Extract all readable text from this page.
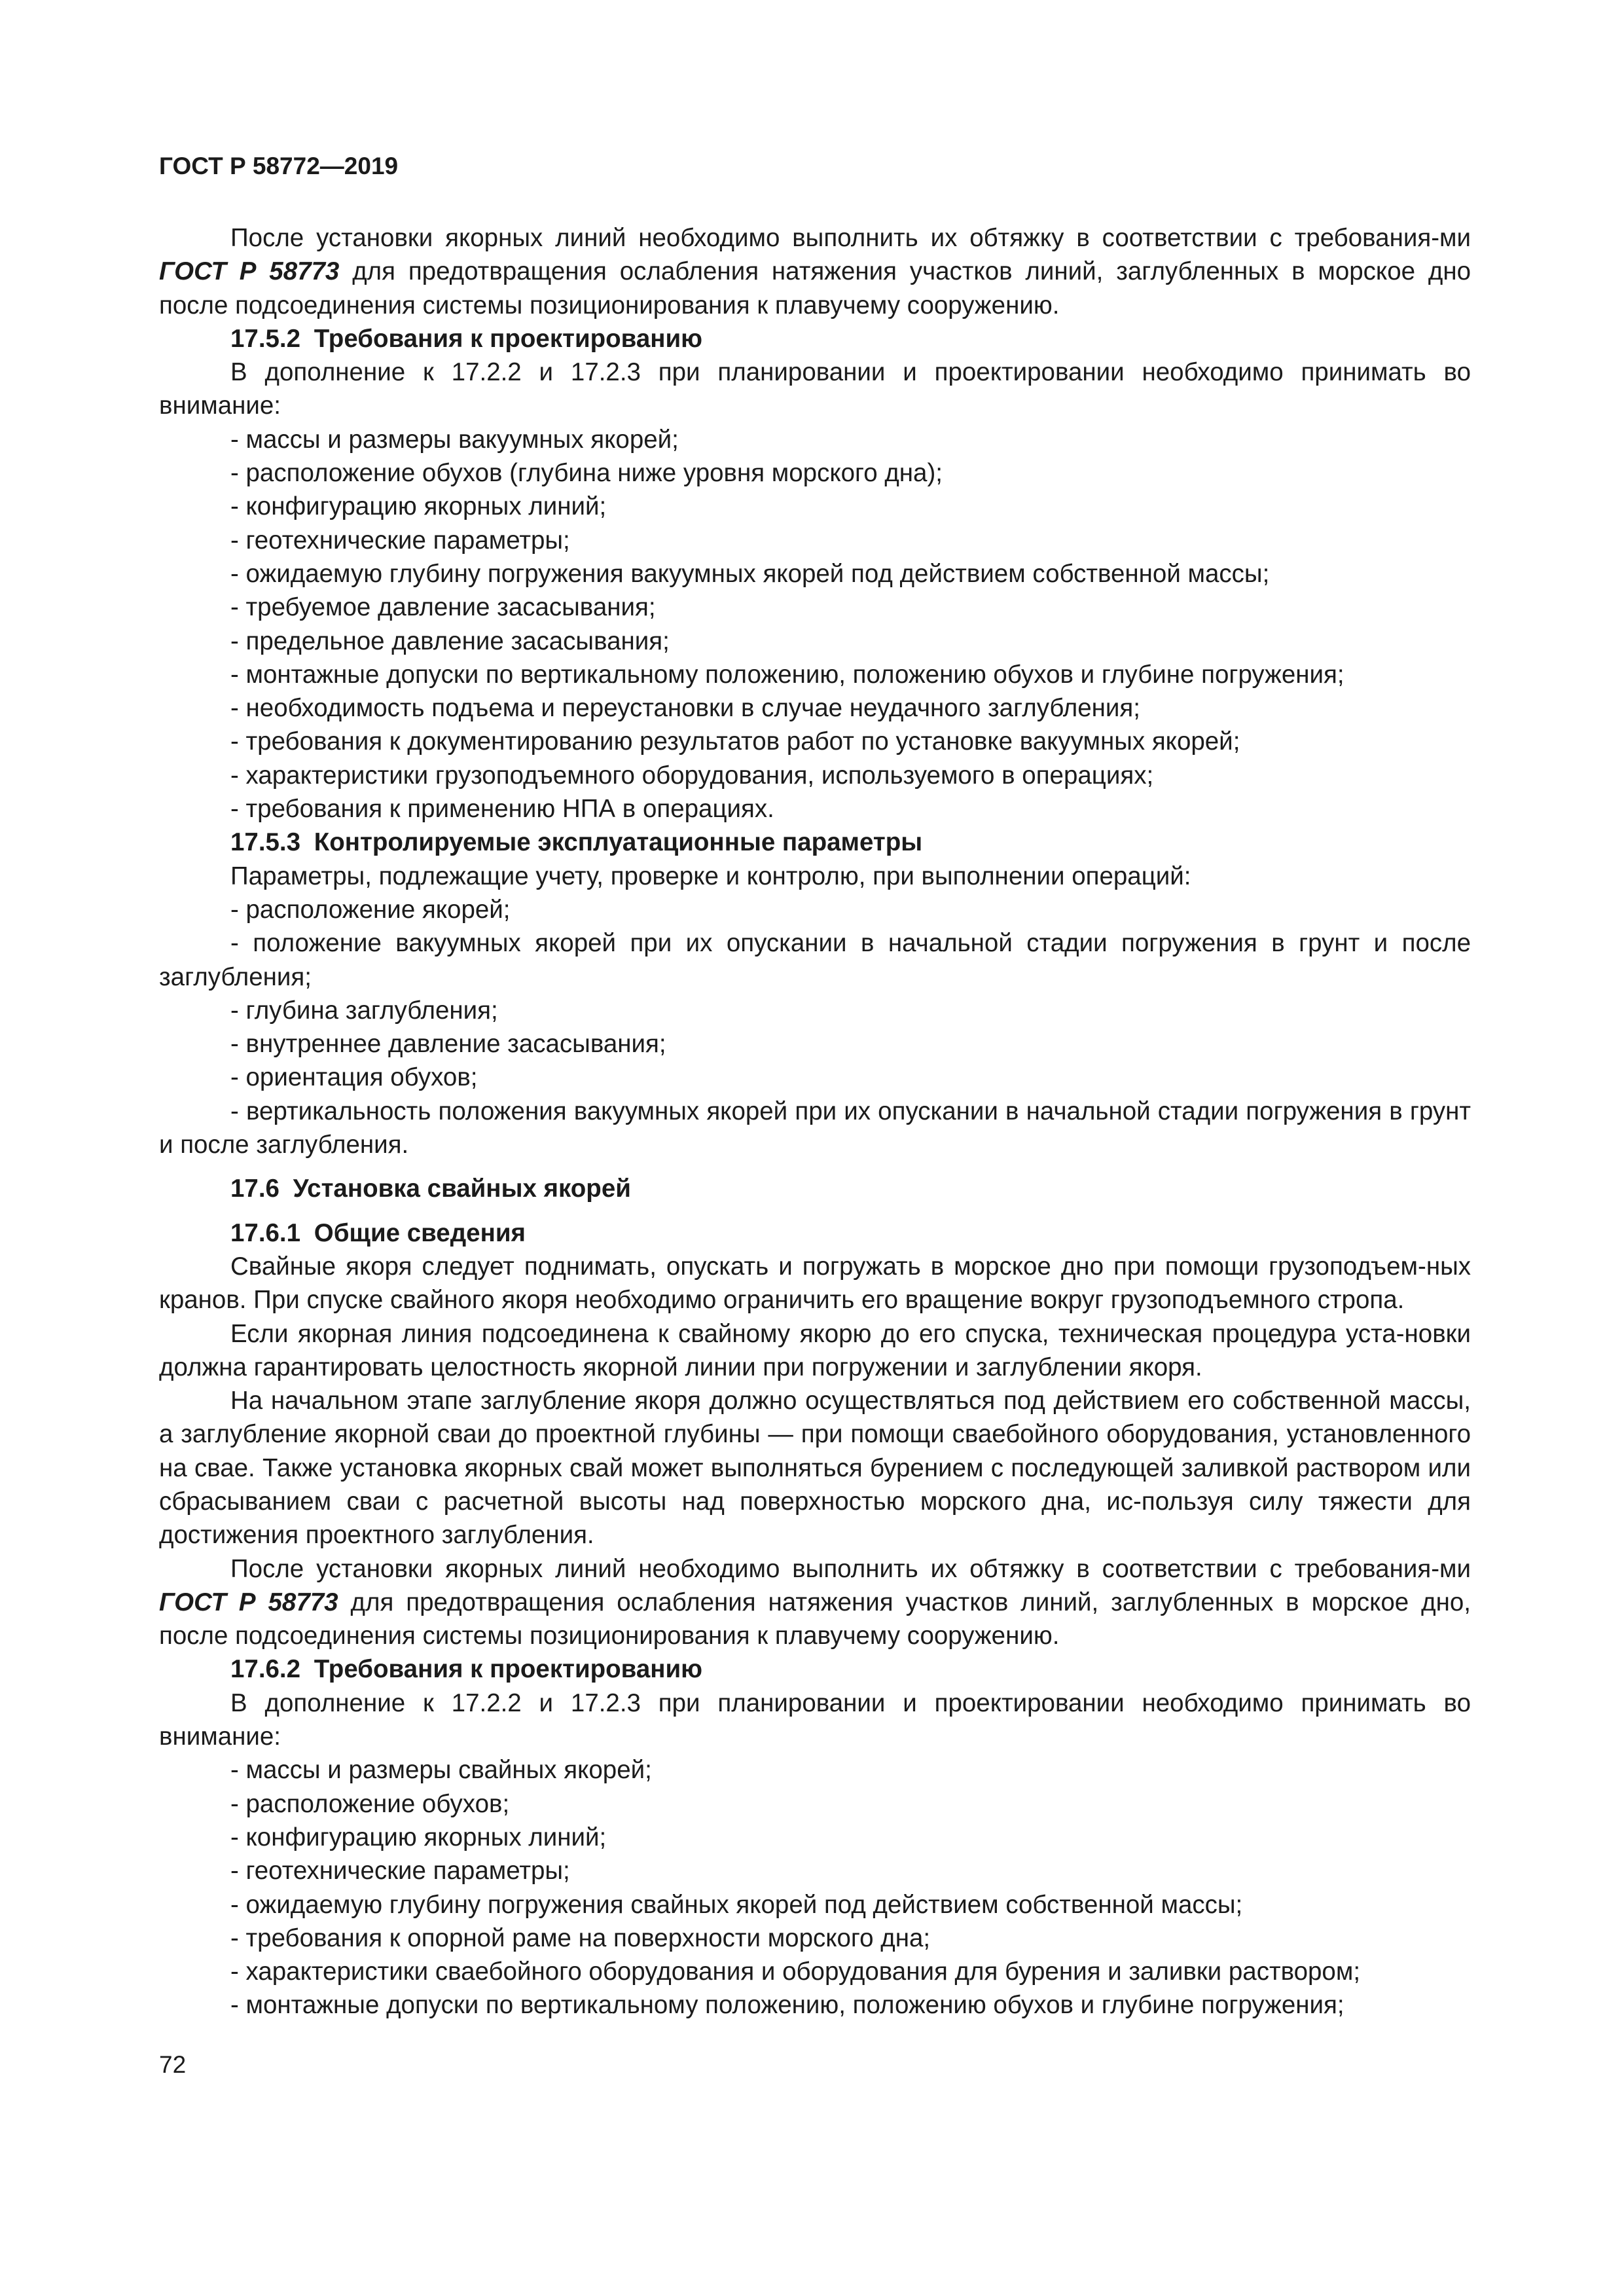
ГОСТ Р 58772—2019

После установки якорных линий необходимо выполнить их обтяжку в соответствии с требования-ми ГОСТ Р 58773 для предотвращения ослабления натяжения участков линий, заглубленных в морское дно после подсоединения системы позиционирования к плавучему сооружению.

17.5.2 Требования к проектированию

В дополнение к 17.2.2 и 17.2.3 при планировании и проектировании необходимо принимать во внимание:

- массы и размеры вакуумных якорей;

- расположение обухов (глубина ниже уровня морского дна);

- конфигурацию якорных линий;

- геотехнические параметры;

- ожидаемую глубину погружения вакуумных якорей под действием собственной массы;

- требуемое давление засасывания;

- предельное давление засасывания;

- монтажные допуски по вертикальному положению, положению обухов и глубине погружения;

- необходимость подъема и переустановки в случае неудачного заглубления;

- требования к документированию результатов работ по установке вакуумных якорей;

- характеристики грузоподъемного оборудования, используемого в операциях;

- требования к применению НПА в операциях.

17.5.3 Контролируемые эксплуатационные параметры

Параметры, подлежащие учету, проверке и контролю, при выполнении операций:

- расположение якорей;

- положение вакуумных якорей при их опускании в начальной стадии погружения в грунт и после заглубления;

- глубина заглубления;

- внутреннее давление засасывания;

- ориентация обухов;

- вертикальность положения вакуумных якорей при их опускании в начальной стадии погружения в грунт и после заглубления.

17.6 Установка свайных якорей

17.6.1 Общие сведения

Свайные якоря следует поднимать, опускать и погружать в морское дно при помощи грузоподъем-ных кранов. При спуске свайного якоря необходимо ограничить его вращение вокруг грузоподъемного стропа.

Если якорная линия подсоединена к свайному якорю до его спуска, техническая процедура уста-новки должна гарантировать целостность якорной линии при погружении и заглублении якоря.

На начальном этапе заглубление якоря должно осуществляться под действием его собственной массы, а заглубление якорной сваи до проектной глубины — при помощи сваебойного оборудования, установленного на свае. Также установка якорных свай может выполняться бурением с последующей заливкой раствором или сбрасыванием сваи с расчетной высоты над поверхностью морского дна, ис-пользуя силу тяжести для достижения проектного заглубления.

После установки якорных линий необходимо выполнить их обтяжку в соответствии с требования-ми ГОСТ Р 58773 для предотвращения ослабления натяжения участков линий, заглубленных в морское дно, после подсоединения системы позиционирования к плавучему сооружению.

17.6.2 Требования к проектированию

В дополнение к 17.2.2 и 17.2.3 при планировании и проектировании необходимо принимать во внимание:

- массы и размеры свайных якорей;

- расположение обухов;

- конфигурацию якорных линий;

- геотехнические параметры;

- ожидаемую глубину погружения свайных якорей под действием собственной массы;

- требования к опорной раме на поверхности морского дна;

- характеристики сваебойного оборудования и оборудования для бурения и заливки раствором;

- монтажные допуски по вертикальному положению, положению обухов и глубине погружения;

72
